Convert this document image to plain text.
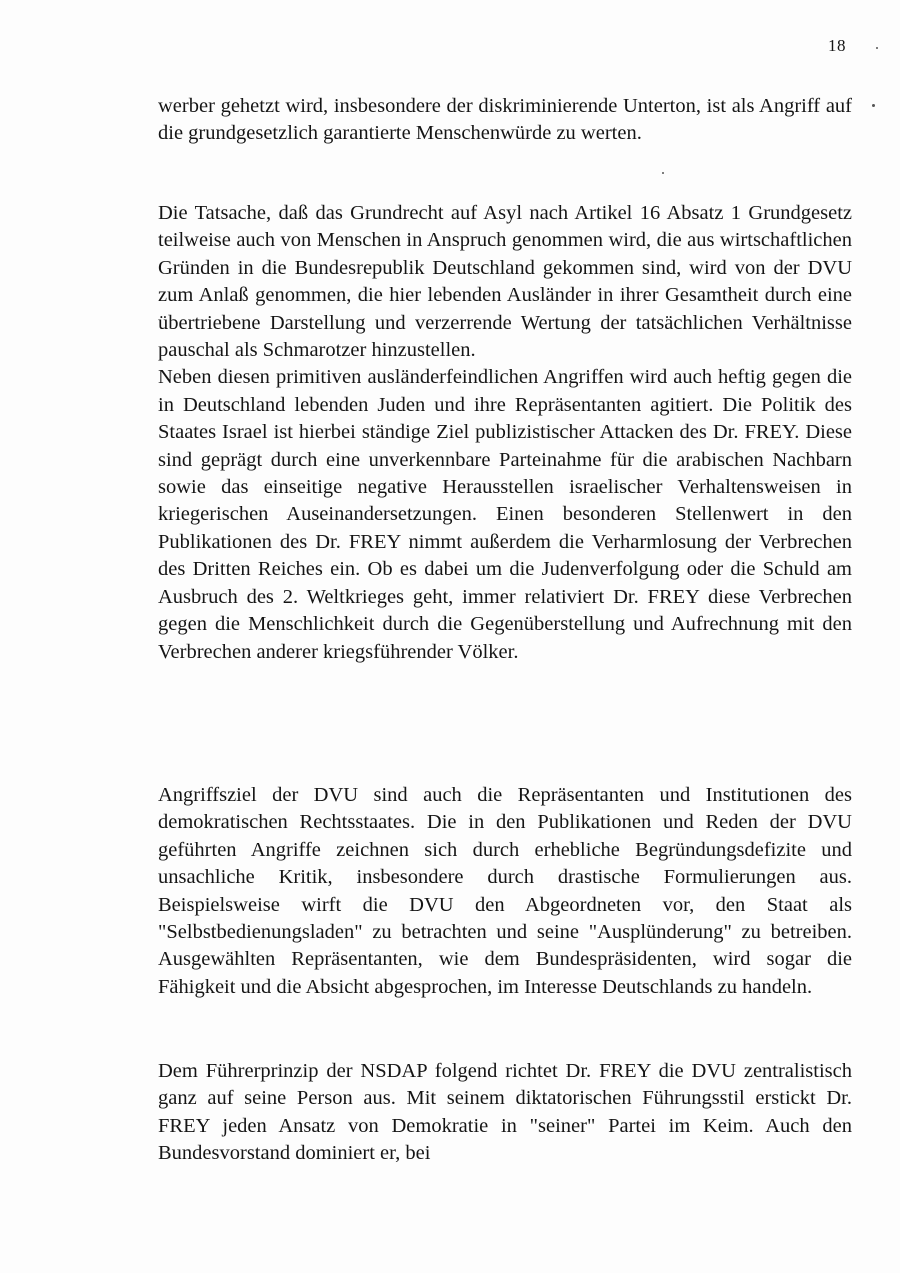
18

werber gehetzt wird, insbesondere der diskriminierende Unterton, ist als Angriff auf die grundgesetzlich garantierte Menschenwürde zu werten.

Die Tatsache, daß das Grundrecht auf Asyl nach Artikel 16 Absatz 1 Grundgesetz teilweise auch von Menschen in Anspruch genommen wird, die aus wirtschaftlichen Gründen in die Bundesrepublik Deutschland gekommen sind, wird von der DVU zum Anlaß genommen, die hier lebenden Ausländer in ihrer Gesamtheit durch eine übertriebene Darstellung und verzerrende Wertung der tatsächlichen Verhältnisse pauschal als Schmarotzer hinzustellen.

Neben diesen primitiven ausländerfeindlichen Angriffen wird auch heftig gegen die in Deutschland lebenden Juden und ihre Repräsentanten agitiert. Die Politik des Staates Israel ist hierbei ständige Ziel publizistischer Attacken des Dr. FREY. Diese sind geprägt durch eine unverkennbare Parteinahme für die arabischen Nachbarn sowie das einseitige negative Herausstellen israelischer Verhaltensweisen in kriegerischen Auseinandersetzungen. Einen besonderen Stellenwert in den Publikationen des Dr. FREY nimmt außerdem die Verharmlosung der Verbrechen des Dritten Reiches ein. Ob es dabei um die Judenverfolgung oder die Schuld am Ausbruch des 2. Weltkrieges geht, immer relativiert Dr. FREY diese Verbrechen gegen die Menschlichkeit durch die Gegenüberstellung und Aufrechnung mit den Verbrechen anderer kriegsführender Völker.

Angriffsziel der DVU sind auch die Repräsentanten und Institutionen des demokratischen Rechtsstaates. Die in den Publikationen und Reden der DVU geführten Angriffe zeichnen sich durch erhebliche Begründungsdefizite und unsachliche Kritik, insbesondere durch drastische Formulierungen aus. Beispielsweise wirft die DVU den Abgeordneten vor, den Staat als "Selbstbedienungsladen" zu betrachten und seine "Ausplünderung" zu betreiben. Ausgewählten Repräsentanten, wie dem Bundespräsidenten, wird sogar die Fähigkeit und die Absicht abgesprochen, im Interesse Deutschlands zu handeln.

Dem Führerprinzip der NSDAP folgend richtet Dr. FREY die DVU zentralistisch ganz auf seine Person aus. Mit seinem diktatorischen Führungsstil erstickt Dr. FREY jeden Ansatz von Demokratie in "seiner" Partei im Keim. Auch den Bundesvorstand dominiert er, bei
